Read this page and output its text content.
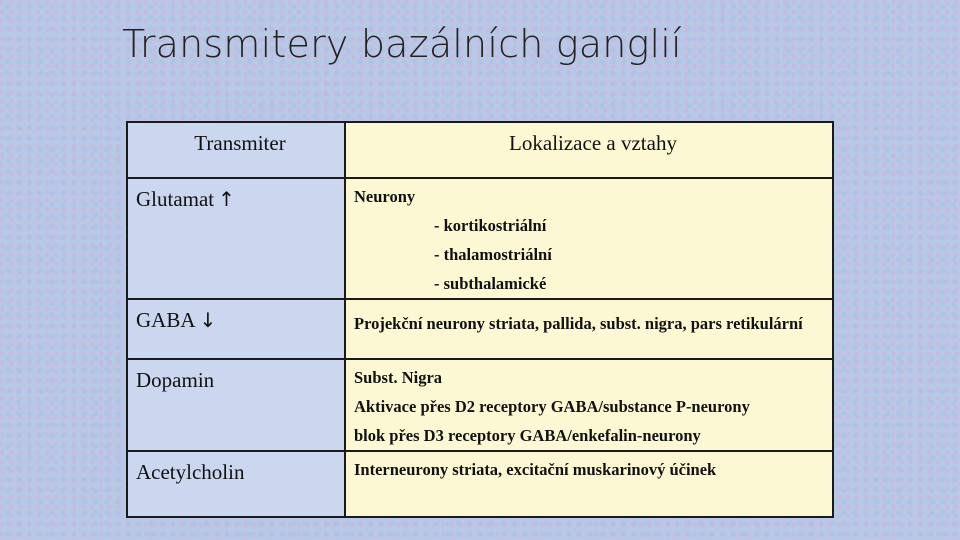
Transmitery bazálních ganglií
Transmiter	Lokalizace a vztahy
Glutamat ↑	Neurony
- kortikostriální
- thalamostriální
- subthalamické

GABA ↓	Projekční neurony striata, pallida, subst. nigra, pars retikulární

Dopamin	Subst. Nigra
Aktivace přes D2 receptory GABA/substance P-neurony
blok přes D3 receptory GABA/enkefalin-neurony

Acetylcholin	Interneurony striata, excitační muskarinový účinek
